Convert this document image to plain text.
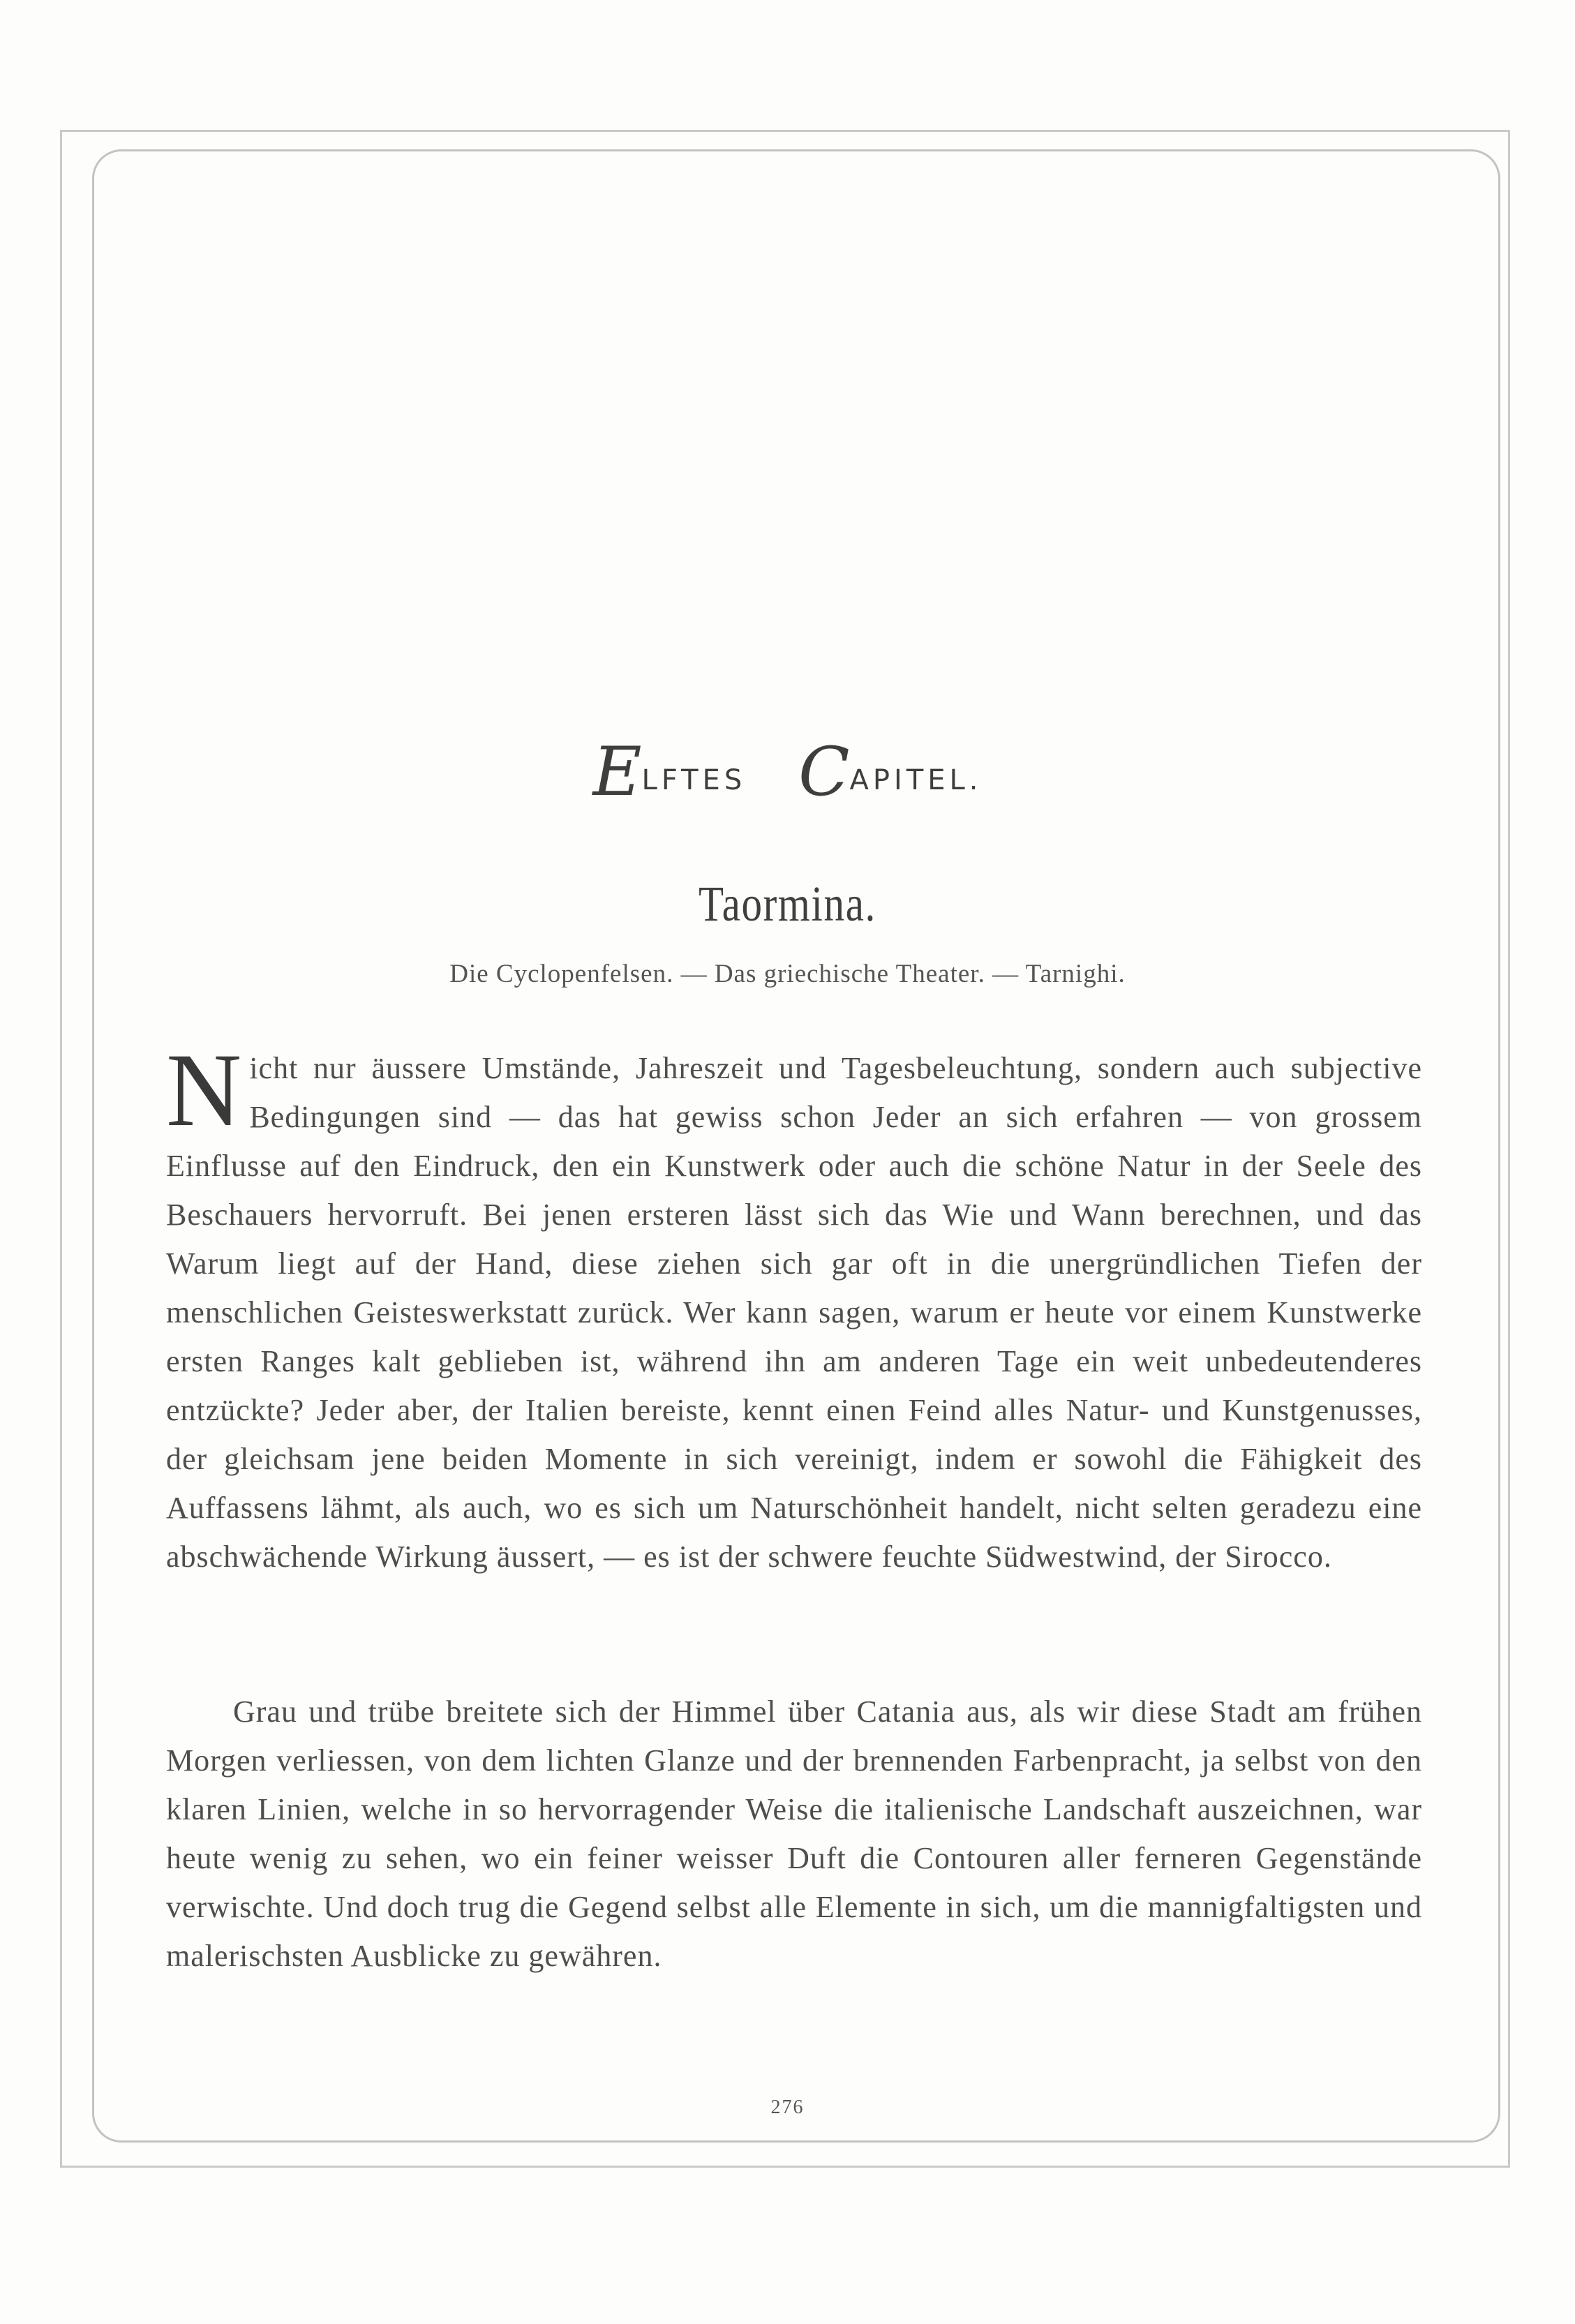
ELFTES CAPITEL.
Taormina.
Die Cyclopenfelsen. — Das griechische Theater. — Tarnighi.
Nicht nur äussere Umstände, Jahreszeit und Tagesbeleuchtung, sondern auch subjective Bedingungen sind — das hat gewiss schon Jeder an sich erfahren — von grossem Einflusse auf den Eindruck, den ein Kunstwerk oder auch die schöne Natur in der Seele des Beschauers hervorruft. Bei jenen ersteren lässt sich das Wie und Wann berechnen, und das Warum liegt auf der Hand, diese ziehen sich gar oft in die unergründlichen Tiefen der menschlichen Geisteswerkstatt zurück. Wer kann sagen, warum er heute vor einem Kunstwerke ersten Ranges kalt geblieben ist, während ihn am anderen Tage ein weit unbedeutenderes entzückte? Jeder aber, der Italien bereiste, kennt einen Feind alles Natur- und Kunstgenusses, der gleichsam jene beiden Momente in sich vereinigt, indem er sowohl die Fähigkeit des Auffassens lähmt, als auch, wo es sich um Naturschönheit handelt, nicht selten geradezu eine abschwächende Wirkung äussert, — es ist der schwere feuchte Südwestwind, der Sirocco.
Grau und trübe breitete sich der Himmel über Catania aus, als wir diese Stadt am frühen Morgen verliessen, von dem lichten Glanze und der brennenden Farbenpracht, ja selbst von den klaren Linien, welche in so hervorragender Weise die italienische Landschaft auszeichnen, war heute wenig zu sehen, wo ein feiner weisser Duft die Contouren aller ferneren Gegenstände verwischte. Und doch trug die Gegend selbst alle Elemente in sich, um die mannigfaltigsten und malerischsten Ausblicke zu gewähren.
276
